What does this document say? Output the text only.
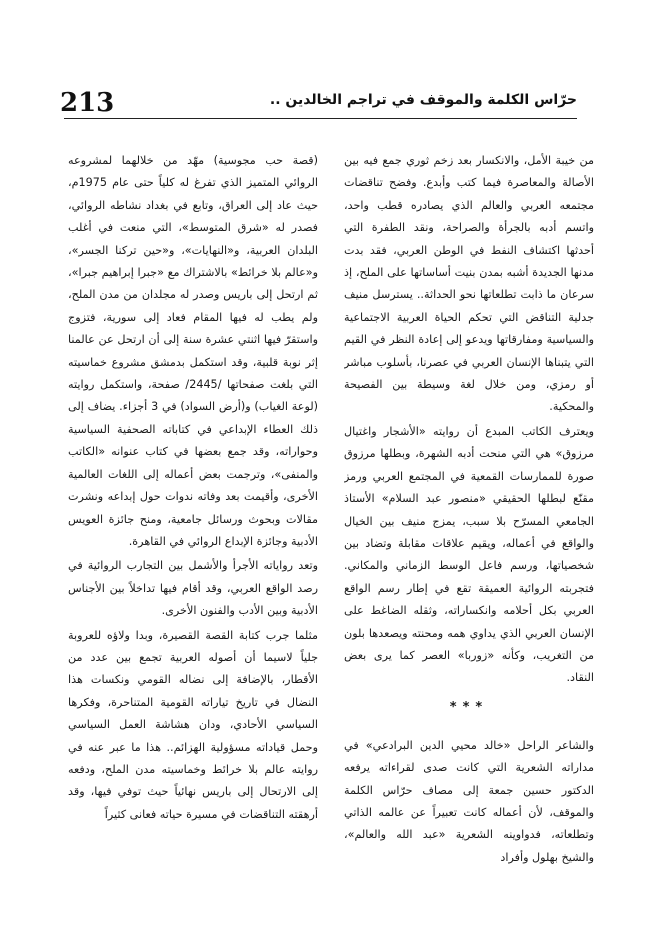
213	حرّاس الكلمة والموقف في تراجم الخالدين ..

(قصة حب مجوسية) مهّد من خلالهما لمشروعه الروائي المتميز الذي تفرغ له كلياً حتى عام 1975م، حيث عاد إلى العراق، وتابع في بغداد نشاطه الروائي، فصدر له «شرق المتوسط»، التي منعت في أغلب البلدان العربية، و«النهايات»، و«حين تركنا الجسر»، و«عالم بلا خرائط» بالاشتراك مع «جبرا إبراهيم جبرا»، ثم ارتحل إلى باريس وصدر له مجلدان من مدن الملح، ولم يطب له فيها المقام فعاد إلى سورية، فتزوج واستقرّ فيها اثنتي عشرة سنة إلى أن ارتحل عن عالمنا إثر نوبة قلبية، وقد استكمل بدمشق مشروع خماسيته التي بلغت صفحاتها /2445/ صفحة، واستكمل روايته (لوعة الغياب) و(أرض السواد) في 3 أجزاء. يضاف إلى ذلك العطاء الإبداعي في كتاباته الصحفية السياسية وحواراته، وقد جمع بعضها في كتاب عنوانه «الكاتب والمنفى»، وترجمت بعض أعماله إلى اللغات العالمية الأخرى، وأقيمت بعد وفاته ندوات حول إبداعه ونشرت مقالات وبحوث ورسائل جامعية، ومنح جائزة العويس الأدبية وجائزة الإبداع الروائي في القاهرة.

وتعد رواياته الأجرأ والأشمل بين التجارب الروائية في رصد الواقع العربي، وقد أقام فيها تداخلاً بين الأجناس الأدبية وبين الأدب والفنون الأخرى.

مثلما جرب كتابة القصة القصيرة، وبدا ولاؤه للعروبة جلياً لاسيما أن أصوله العربية تجمع بين عدد من الأقطار، بالإضافة إلى نضاله القومي ونكسات هذا النضال في تاريخ تياراته القومية المتناحرة، وفكرها السياسي الأحادي، ودان هشاشة العمل السياسي وحمل قياداته مسؤولية الهزائم.. هذا ما عبر عنه في روايته عالم بلا خرائط وخماسيته مدن الملح، ودفعه إلى الارتحال إلى باريس نهائياً حيث توفي فيها، وقد أرهقته التناقضات في مسيرة حياته فعانى كثيراً

من خيبة الأمل، والانكسار بعد زخم ثوري جمع فيه بين الأصالة والمعاصرة فيما كتب وأبدع. وفضح تناقضات مجتمعه العربي والعالم الذي يصادره قطب واحد، واتسم أدبه بالجرأة والصراحة، ونقد الطفرة التي أحدثها اكتشاف النفط في الوطن العربي، فقد بدت مدنها الجديدة أشبه بمدن بنيت أساساتها على الملح، إذ سرعان ما ذابت تطلعاتها نحو الحداثة.. يسترسل منيف جدلية التناقض التي تحكم الحياة العربية الاجتماعية والسياسية ومفارقاتها ويدعو إلى إعادة النظر في القيم التي يتبناها الإنسان العربي في عصرنا، بأسلوب مباشر أو رمزي، ومن خلال لغة وسيطة بين الفصيحة والمحكية.

ويعترف الكاتب المبدع أن روايته «الأشجار واغتيال مرزوق» هي التي منحت أدبه الشهرة، وبطلها مرزوق صورة للممارسات القمعية في المجتمع العربي ورمز مقنّع لبطلها الحقيقي «منصور عبد السلام» الأستاذ الجامعي المسرّح بلا سبب، يمزج منيف بين الخيال والواقع في أعماله، ويقيم علاقات مقابلة وتضاد بين شخصياتها، ورسم فاعل الوسط الزماني والمكاني. فتجربته الروائية العميقة تقع في إطار رسم الواقع العربي بكل أحلامه وانكساراته، وثقله الضاغط على الإنسان العربي الذي يداوي همه ومحنته ويصعدها بلون من التغريب، وكأنه «زوربا» العصر كما يرى بعض النقاد.

***

والشاعر الراحل «خالد محيي الدين البرادعي» في مداراته الشعرية التي كانت صدى لقراءاته يرفعه الدكتور حسين جمعة إلى مصاف حرّاس الكلمة والموقف، لأن أعماله كانت تعبيراً عن عالمه الذاتي وتطلعاته، فدواوينه الشعرية «عبد الله والعالم»، والشيخ بهلول وأفراد
